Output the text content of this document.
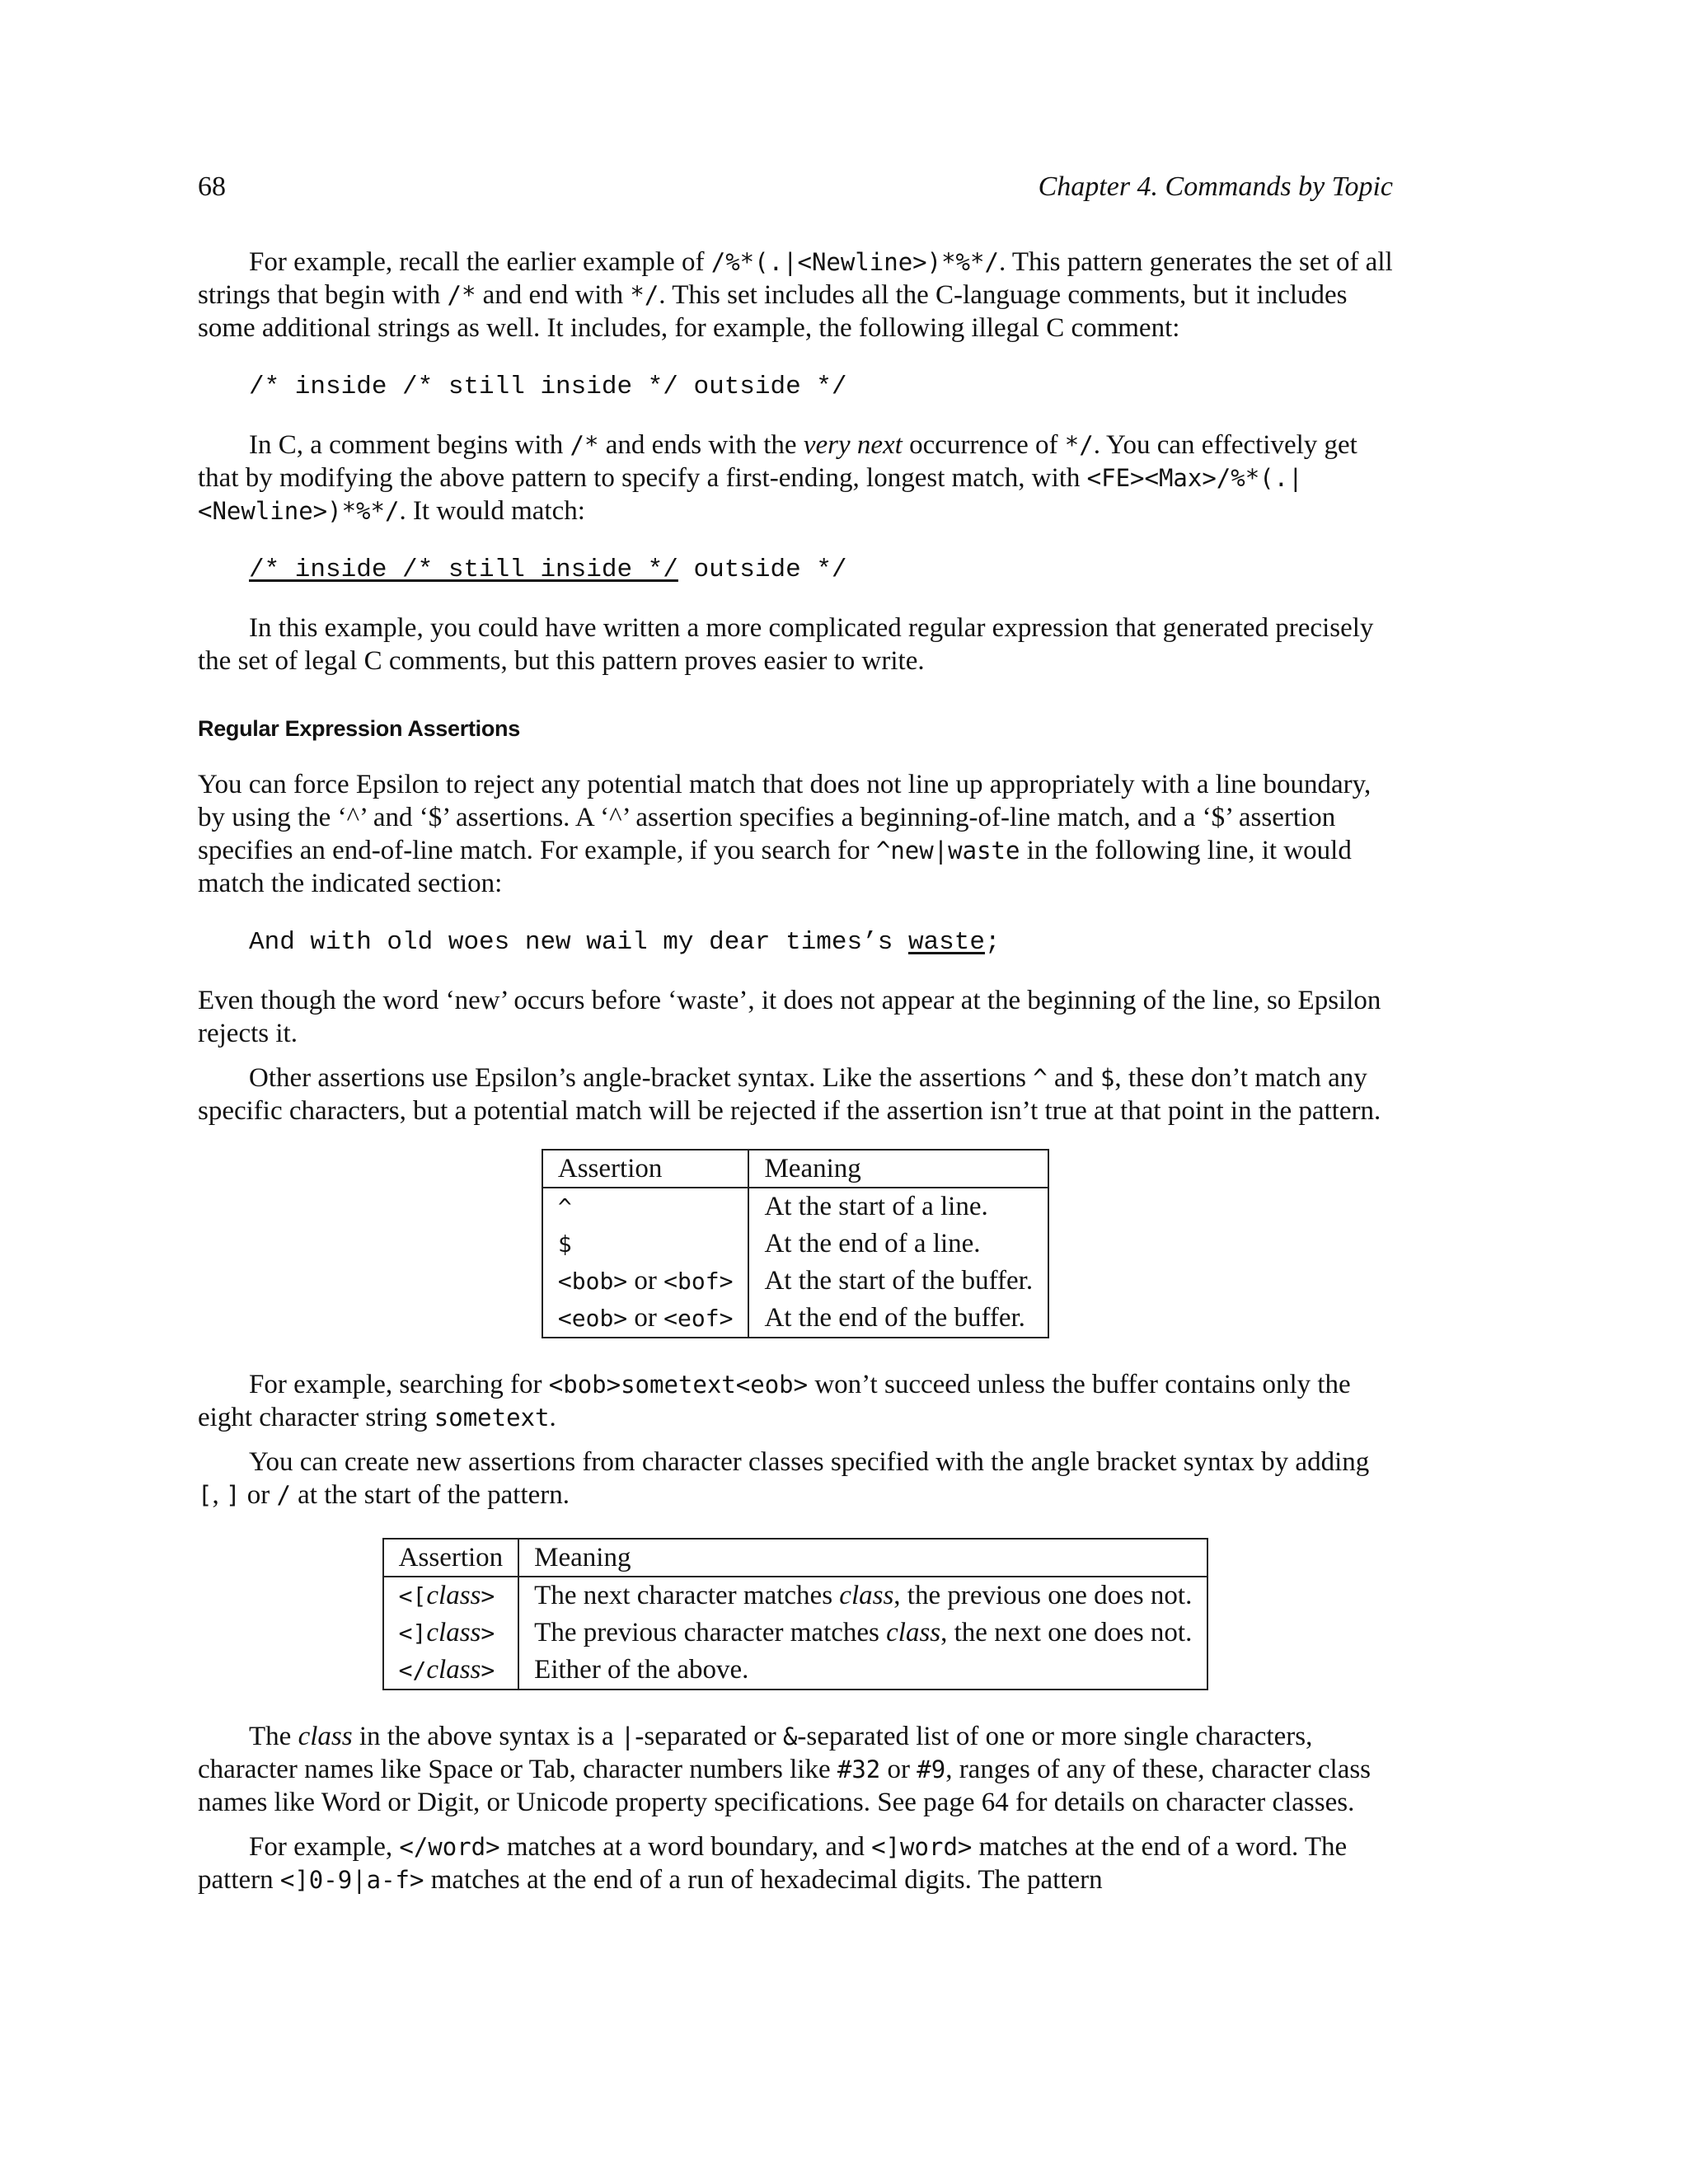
68	Chapter 4. Commands by Topic

For example, recall the earlier example of /%*(.|<Newline>)*%*/. This pattern generates the set of all strings that begin with /* and end with */. This set includes all the C-language comments, but it includes some additional strings as well. It includes, for example, the following illegal C comment:

/* inside /* still inside */ outside */

In C, a comment begins with /* and ends with the very next occurrence of */. You can effectively get that by modifying the above pattern to specify a first-ending, longest match, with <FE><Max>/%*(.|<Newline>)*%*/. It would match:

/* inside /* still inside */ outside */

In this example, you could have written a more complicated regular expression that generated precisely the set of legal C comments, but this pattern proves easier to write.

Regular Expression Assertions

You can force Epsilon to reject any potential match that does not line up appropriately with a line boundary, by using the ‘^’ and ‘$’ assertions. A ‘^’ assertion specifies a beginning-of-line match, and a ‘$’ assertion specifies an end-of-line match. For example, if you search for ^new|waste in the following line, it would match the indicated section:

And with old woes new wail my dear times’s waste;

Even though the word ‘new’ occurs before ‘waste’, it does not appear at the beginning of the line, so Epsilon rejects it.

Other assertions use Epsilon’s angle-bracket syntax. Like the assertions ^ and $, these don’t match any specific characters, but a potential match will be rejected if the assertion isn’t true at that point in the pattern.

Assertion	Meaning
^	At the start of a line.
$	At the end of a line.
<bob> or <bof>	At the start of the buffer.
<eob> or <eof>	At the end of the buffer.

For example, searching for <bob>sometext<eob> won’t succeed unless the buffer contains only the eight character string sometext.

You can create new assertions from character classes specified with the angle bracket syntax by adding [, ] or / at the start of the pattern.

Assertion	Meaning
<[class>	The next character matches class, the previous one does not.
<]class>	The previous character matches class, the next one does not.
</class>	Either of the above.

The class in the above syntax is a |-separated or &-separated list of one or more single characters, character names like Space or Tab, character numbers like #32 or #9, ranges of any of these, character class names like Word or Digit, or Unicode property specifications. See page 64 for details on character classes.

For example, </word> matches at a word boundary, and <]word> matches at the end of a word. The pattern <]0-9|a-f> matches at the end of a run of hexadecimal digits. The pattern
